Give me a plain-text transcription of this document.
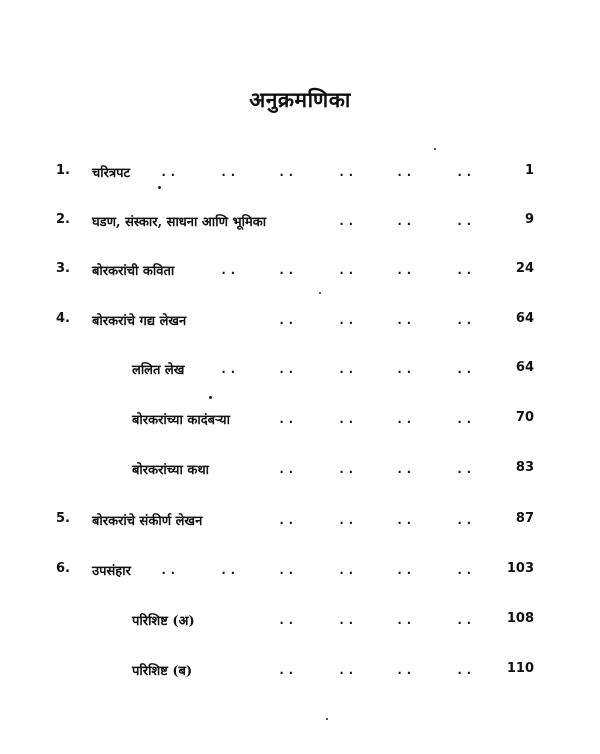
अनुक्रमणिका
1. चरित्रपट ..	..	..	..	..	..	1
2. घडण, संस्कार, साधना आणि भूमिका	..	..	..	9
3. बोरकरांची कविता	..	..	..	..	..	24
4. बोरकरांचे गद्य लेखन	..	..	..	..	64
ललित लेख	..	..	..	..	..	64
बोरकरांच्या कादंबऱ्या	..	..	..	..	70
बोरकरांच्या कथा	..	..	..	..	83
5. बोरकरांचे संकीर्ण लेखन	..	..	..	..	87
6. उपसंहार ..	..	..	..	..	.. 103
परिशिष्ट (अ)	..	..	..	.. 108
परिशिष्ट (ब)	..	..	..	.. 110
